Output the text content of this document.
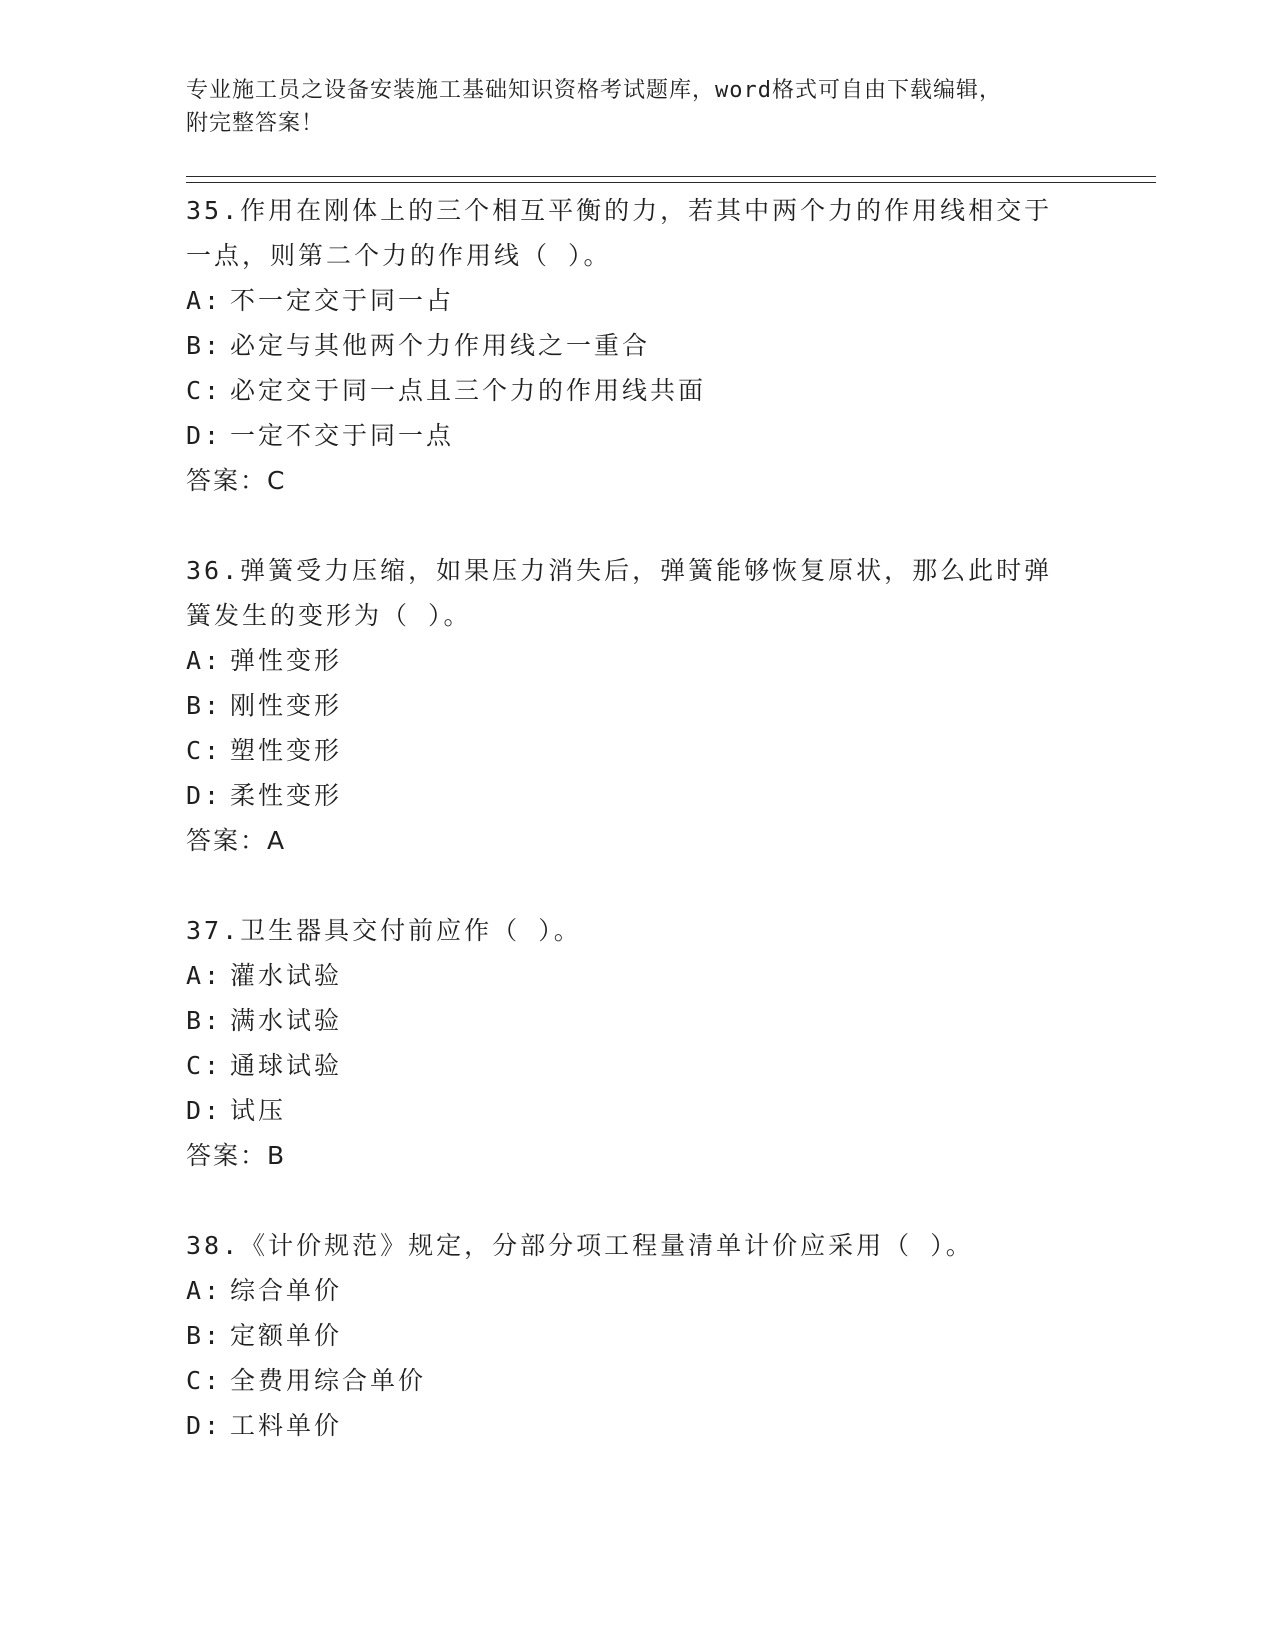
专业施工员之设备安装施工基础知识资格考试题库，word格式可自由下载编辑，
附完整答案！
35.作用在刚体上的三个相互平衡的力，若其中两个力的作用线相交于
一点，则第二个力的作用线（ ）。
A: 不一定交于同一占
B: 必定与其他两个力作用线之一重合
C: 必定交于同一点且三个力的作用线共面
D: 一定不交于同一点
答案：C
36.弹簧受力压缩，如果压力消失后，弹簧能够恢复原状，那么此时弹
簧发生的变形为（ ）。
A: 弹性变形
B: 刚性变形
C: 塑性变形
D: 柔性变形
答案：A
37.卫生器具交付前应作（ ）。
A: 灌水试验
B: 满水试验
C: 通球试验
D: 试压
答案：B
38.《计价规范》规定，分部分项工程量清单计价应采用（ ）。
A: 综合单价
B: 定额单价
C: 全费用综合单价
D: 工料单价
